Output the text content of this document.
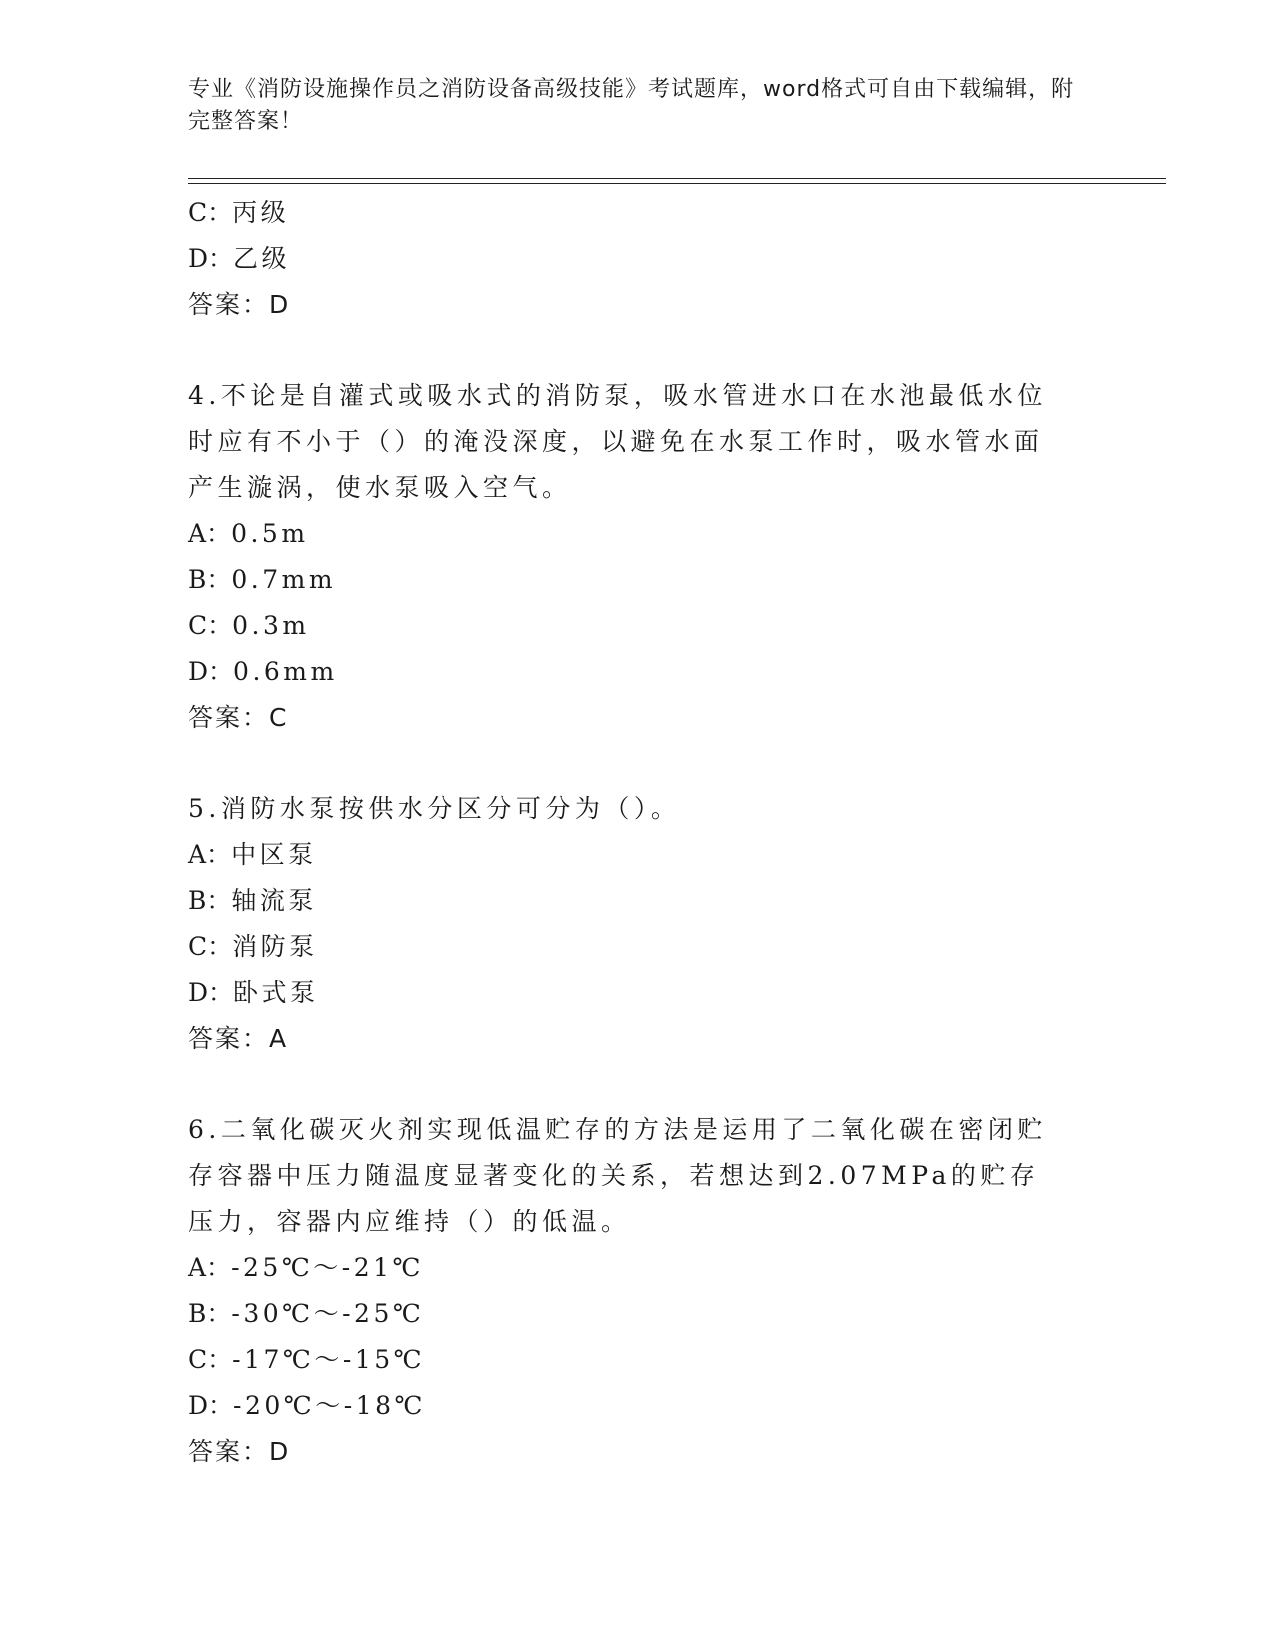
专业《消防设施操作员之消防设备高级技能》考试题库，word格式可自由下载编辑，附完整答案！
C：丙级
D：乙级
答案：D
4.不论是自灌式或吸水式的消防泵，吸水管进水口在水池最低水位时应有不小于（）的淹没深度，以避免在水泵工作时，吸水管水面产生漩涡，使水泵吸入空气。
A：0.5m
B：0.7mm
C：0.3m
D：0.6mm
答案：C
5.消防水泵按供水分区分可分为（）。
A：中区泵
B：轴流泵
C：消防泵
D：卧式泵
答案：A
6.二氧化碳灭火剂实现低温贮存的方法是运用了二氧化碳在密闭贮存容器中压力随温度显著变化的关系，若想达到2.07MPa的贮存压力，容器内应维持（）的低温。
A：-25℃～-21℃
B：-30℃～-25℃
C：-17℃～-15℃
D：-20℃～-18℃
答案：D
